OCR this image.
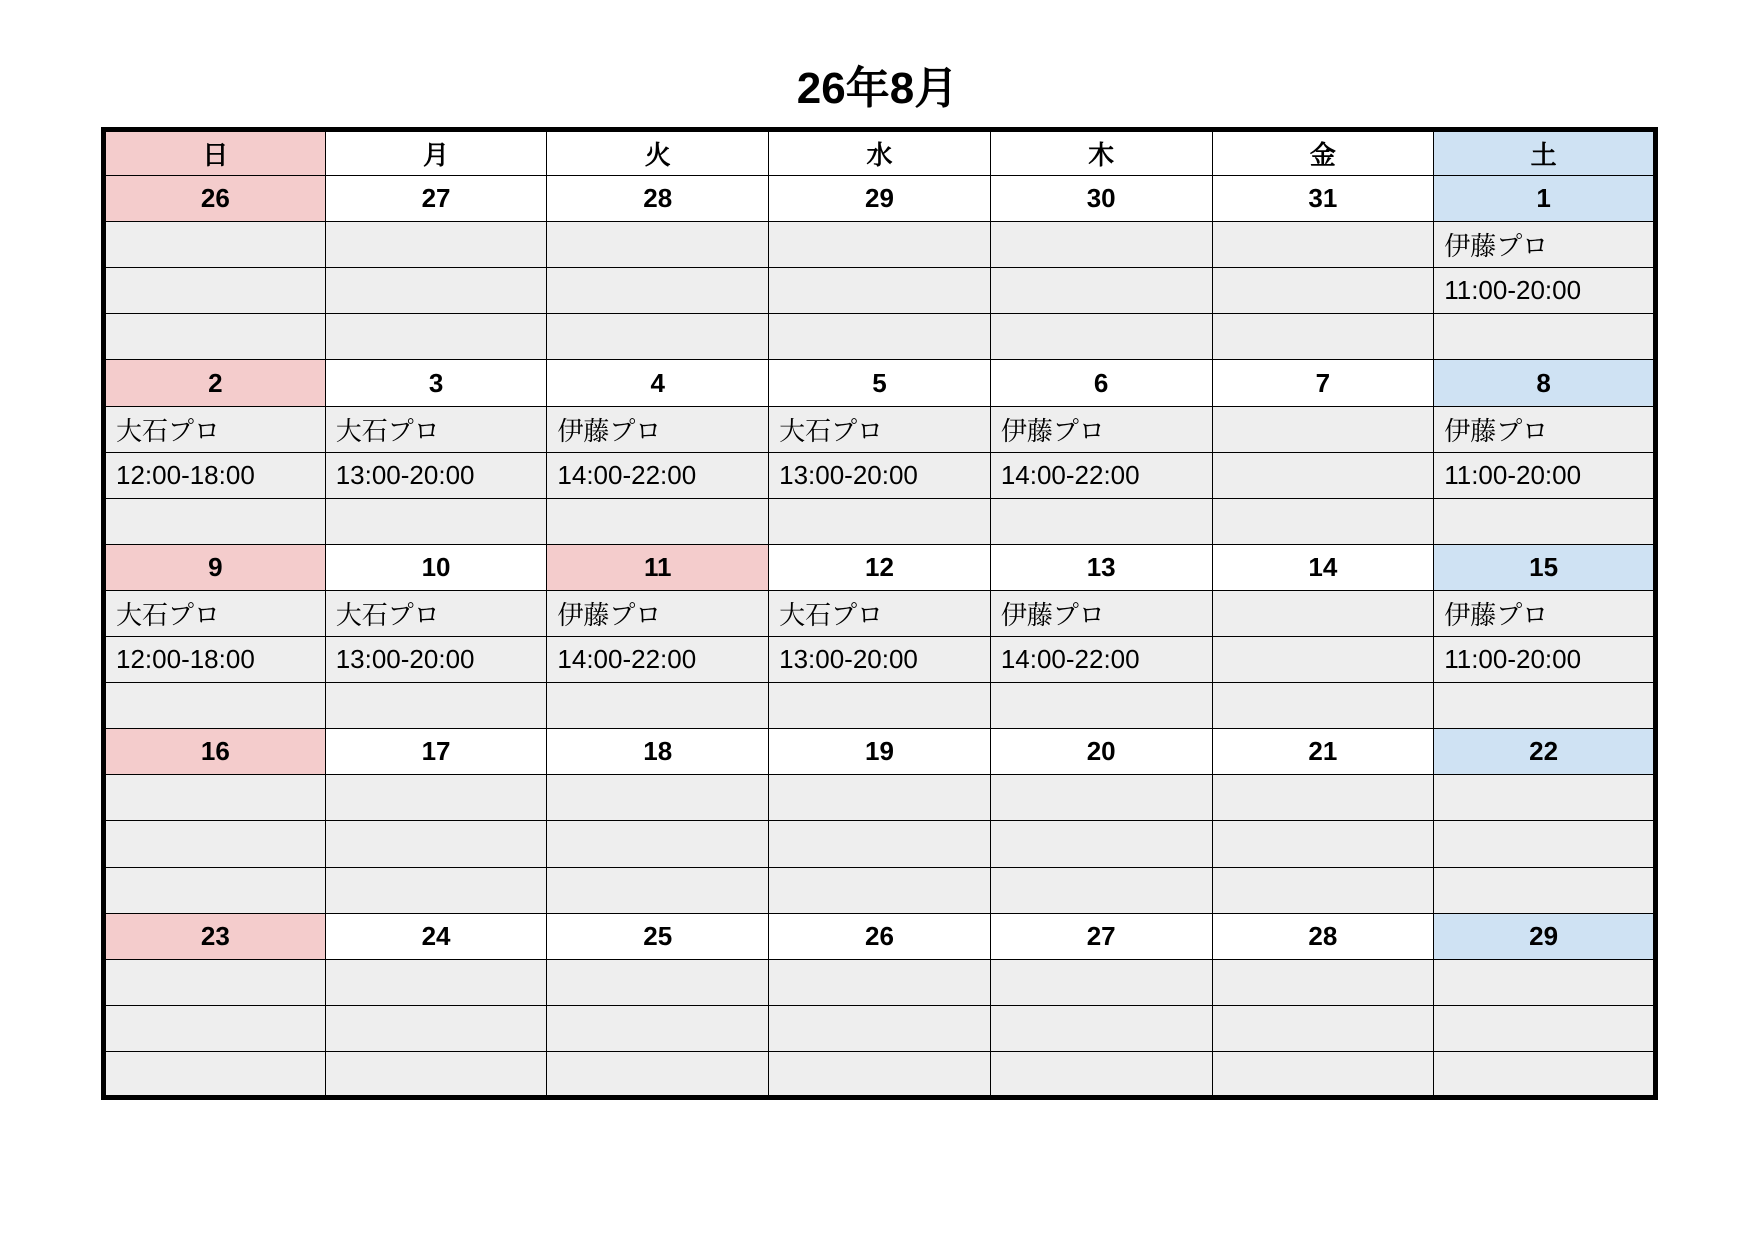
26年8月
日	月	火	水	木	金	土
26	27	28	29	30	31	1
						伊藤プロ
						11:00-20:00

2	3	4	5	6	7	8
大石プロ	大石プロ	伊藤プロ	大石プロ	伊藤プロ		伊藤プロ
12:00-18:00	13:00-20:00	14:00-22:00	13:00-20:00	14:00-22:00		11:00-20:00

9	10	11	12	13	14	15
大石プロ	大石プロ	伊藤プロ	大石プロ	伊藤プロ		伊藤プロ
12:00-18:00	13:00-20:00	14:00-22:00	13:00-20:00	14:00-22:00		11:00-20:00

16	17	18	19	20	21	22

23	24	25	26	27	28	29
